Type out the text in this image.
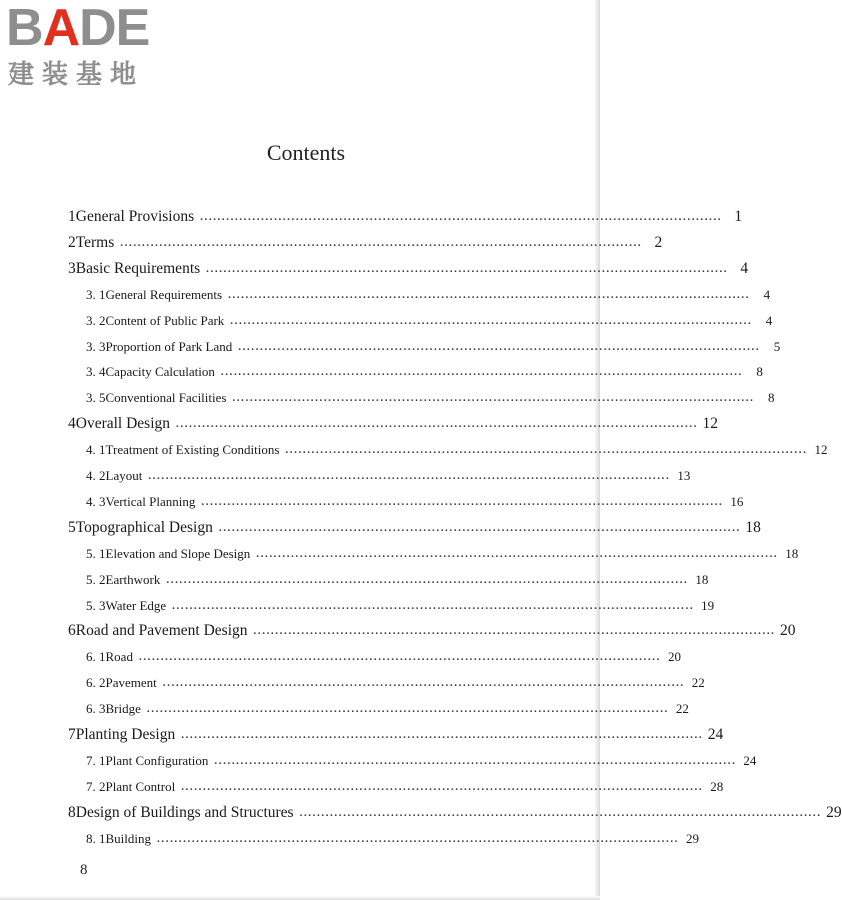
BADE
建装基地
Contents
1 General Provisions ........................................................................................................................ 1
2 Terms ........................................................................................................................ 2
3 Basic Requirements ........................................................................................................................ 4
3. 1 General Requirements ........................................................................................................................	4
3. 2 Content of Public Park ........................................................................................................................	4
3. 3 Proportion of Park Land ........................................................................................................................	5
3. 4 Capacity Calculation ........................................................................................................................	8
3. 5 Conventional Facilities ........................................................................................................................	8
4 Overall Design ........................................................................................................................ 12
4. 1 Treatment of Existing Conditions ........................................................................................................................ 12
4. 2 Layout ........................................................................................................................ 13
4. 3 Vertical Planning ........................................................................................................................ 16
5 Topographical Design ........................................................................................................................ 18
5. 1 Elevation and Slope Design ........................................................................................................................ 18
5. 2 Earthwork ........................................................................................................................ 18
5. 3 Water Edge ........................................................................................................................ 19
6 Road and Pavement Design ........................................................................................................................ 20
6. 1 Road ........................................................................................................................ 20
6. 2 Pavement ........................................................................................................................ 22
6. 3 Bridge ........................................................................................................................ 22
7 Planting Design ........................................................................................................................ 24
7. 1 Plant Configuration ........................................................................................................................ 24
7. 2 Plant Control ........................................................................................................................ 28
8 Design of Buildings and Structures ........................................................................................................................ 29
8. 1 Building ........................................................................................................................ 29
8
